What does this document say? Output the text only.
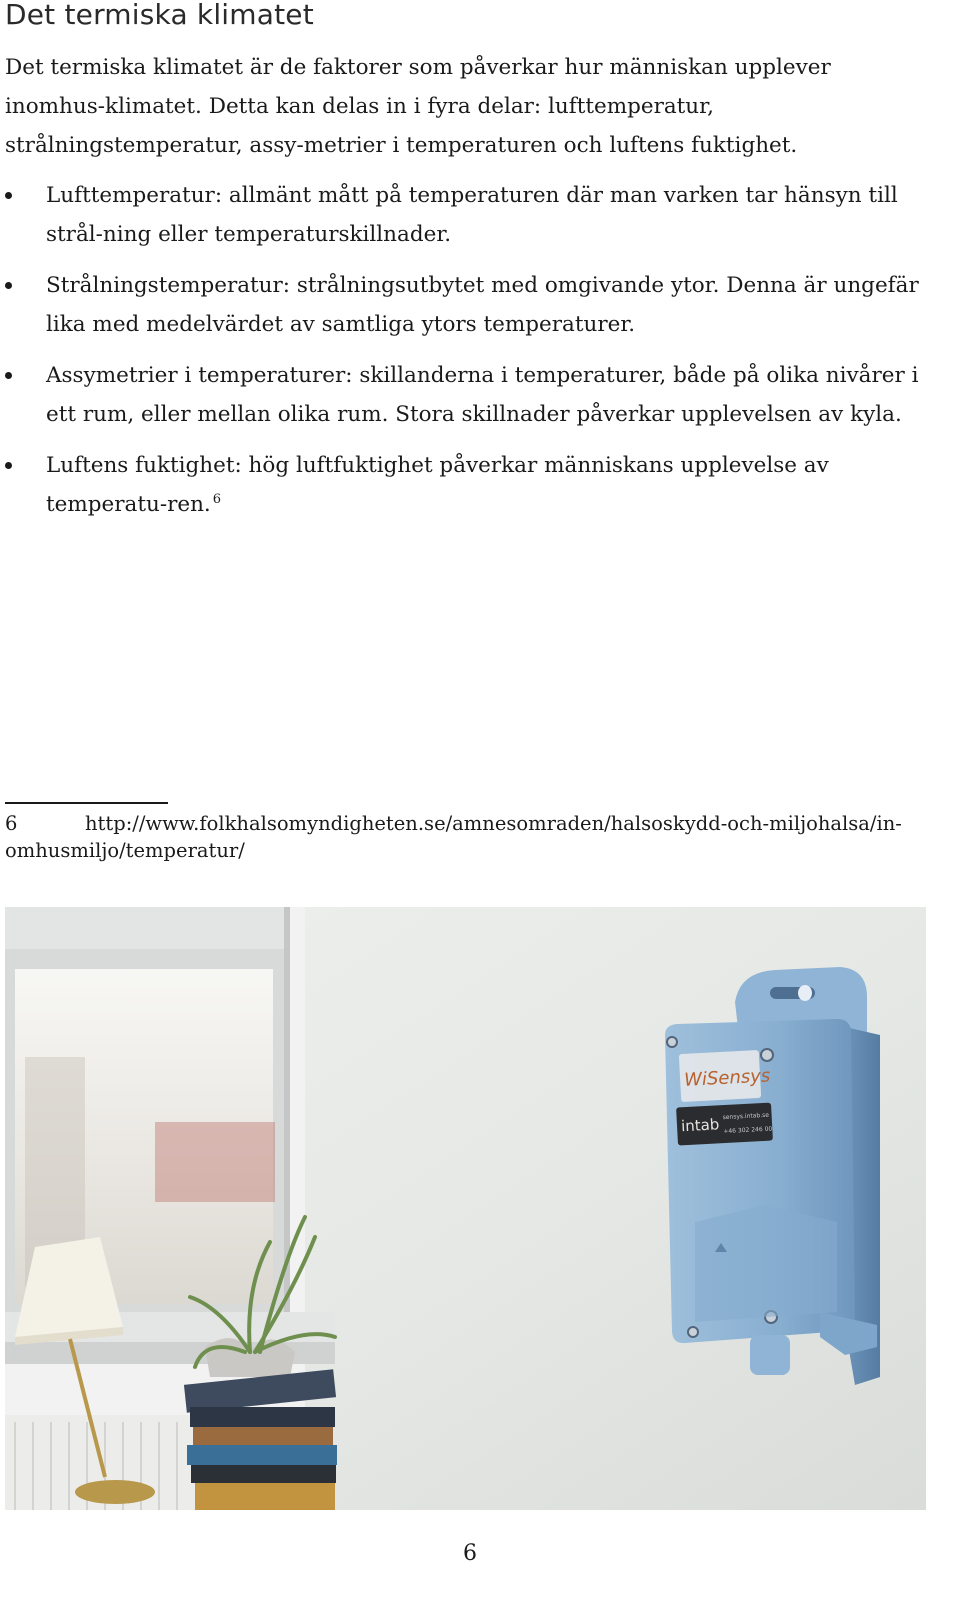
Det termiska klimatet

Det termiska klimatet är de faktorer som påverkar hur människan upplever inomhus-klimatet. Detta kan delas in i fyra delar: lufttemperatur, strålningstemperatur, assy-metrier i temperaturen och luftens fuktighet.

Lufttemperatur: allmänt mått på temperaturen där man varken tar hänsyn till strål-ning eller temperaturskillnader.
Strålningstemperatur: strålningsutbytet med omgivande ytor. Denna är ungefär lika med medelvärdet av samtliga ytors temperaturer.
Assymetrier i temperaturer: skillanderna i temperaturer, både på olika nivårer i ett rum, eller mellan olika rum. Stora skillnader påverkar upplevelsen av kyla.
Luftens fuktighet: hög luftfuktighet påverkar människans upplevelse av temperatu-ren. $^6$
6	http://www.folkhalsomyndigheten.se/amnesomraden/halsoskydd-och-miljohalsa/in-
omhusmiljo/temperatur/
WiSensys
intab sensys.intab.se
+46 302 246 00
6
